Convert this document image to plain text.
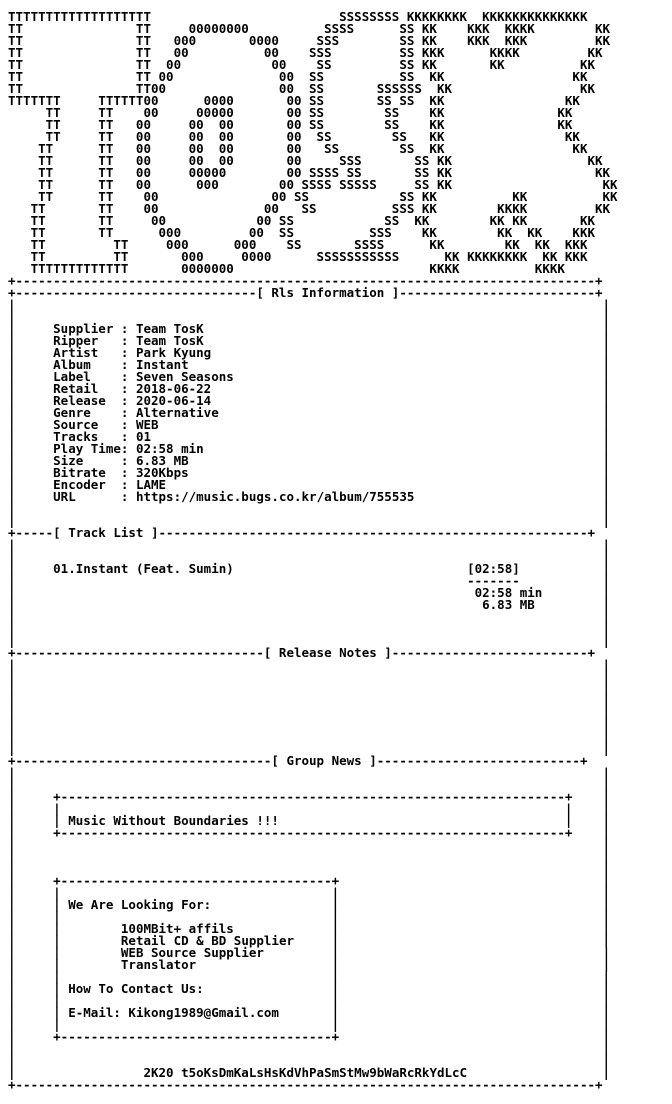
TTTTTTTTTTTTTTTTTTT                         SSSSSSSS KKKKKKKK  KKKKKKKKKKKKKK
TT               TT     00000000          SSSS      SS KK    KKK  KKKK        KK
TT               TT   000       0000     SSS        SS KK    KKK  KKK         KK
TT               TT   00          00    SSS         SS KKK      KKKK         KK
TT               TT  00            00    SS         SS KK       KK          KK
TT               TT 00              00  SS          SS  KK                 KK
TT               TT00               00  SS       SSSSSS  KK                 KK
TTTTTTT     TTTTTT00      0000       00 SS       SS SS  KK                KK
TT     TT    00     00000       00 SS        SS    KK               KK
TT     TT   00     00  00       00 SS        SS    KK               KK
TT     TT   00     00  00       00  SS        SS   KK                KK
TT      TT   00     00  00       00   SS        SS  KK                 KK
TT      TT   00     00  00       00     SSS       SS KK                  KK
TT      TT   00     00000        00 SSSS SS       SS KK                   KK
TT      TT   00      000        00 SSSS SSSSS     SS KK                    KK
TT      TT    00               00 SS            SS KK          KK          KK
TT       TT    00              00   SS          SSS KK        KKKK         KK
TT       TT     00            00 SS            SS  KK        KK KK       KK
TT       TT      000         00  SS          SSS    KK        KK  KK    KKK
TT         TT     000      000    SS       SSSS      KK        KK  KK  KKK
TT         TT       000     0000      SSSSSSSSSSS      KK KKKKKKKK  KK KKK
TTTTTTTTTTTTT       0000000                          KKKK          KKKK
+-----------------------------------------------------------------------------+
+--------------------------------[ Rls Information ]--------------------------+
|                                                                              |
|                                                                              |
|     Supplier : Team TosK                                                     |
|     Ripper   : Team TosK                                                     |
|     Artist   : Park Kyung                                                    |
|     Album    : Instant                                                       |
|     Label    : Seven Seasons                                                 |
|     Retail   : 2018-06-22                                                    |
|     Release  : 2020-06-14                                                    |
|     Genre    : Alternative                                                   |
|     Source   : WEB                                                           |
|     Tracks   : 01                                                            |
|     Play Time: 02:58 min                                                     |
|     Size     : 6.83 MB                                                       |
|     Bitrate  : 320Kbps                                                       |
|     Encoder  : LAME                                                          |
|     URL      : https://music.bugs.co.kr/album/755535                         |
|                                                                              |
|                                                                              |
+-----[ Track List ]---------------------------------------------------------+
|                                                                              |
|                                                                              |
|     01.Instant (Feat. Sumin)	[02:58]           |
|                                                            -------           |
|                                                             02:58 min        |
|                                                              6.83 MB         |
|                                                                              |
|                                                                              |
|                                                                              |
+---------------------------------[ Release Notes ]--------------------------+
|                                                                              |
|                                                                              |
|                                                                              |
|                                                                              |
|                                                                              |
|                                                                              |
|                                                                              |
|                                                                              |
+----------------------------------[ Group News ]---------------------------+
|                                                                              |
|                                                                              |
|     +-------------------------------------------------------------------+    |
|     |                                                                   |    |
|     | Music Without Boundaries !!!                                      |    |
|     +-------------------------------------------------------------------+    |
|                                                                              |
|                                                                              |
|                                                                              |
|     +------------------------------------+                                   |
|     |                                    |                                   |
|     | We Are Looking For:                |                                   |
|     |                                    |                                   |
|     |	100MBit+ affils             |                                   |
|     |	Retail CD & BD Supplier     |                                   |
|     |	WEB Source Supplier         |                                   |
|     |	Translator                  |                                   |
|     |                                    |                                   |
|     | How To Contact Us:                 |                                   |
|     |                                    |                                   |
|     | E-Mail: Kikong1989@Gmail.com       |                                   |
|     |                                    |                                   |
|     +------------------------------------+                                   |
|                                                                              |
|                                                                              |
|                 2K20 t5oKsDmKaLsHsKdVhPaSmStMw9bWaRcRkYdLcC                  |
+-----------------------------------------------------------------------------+
